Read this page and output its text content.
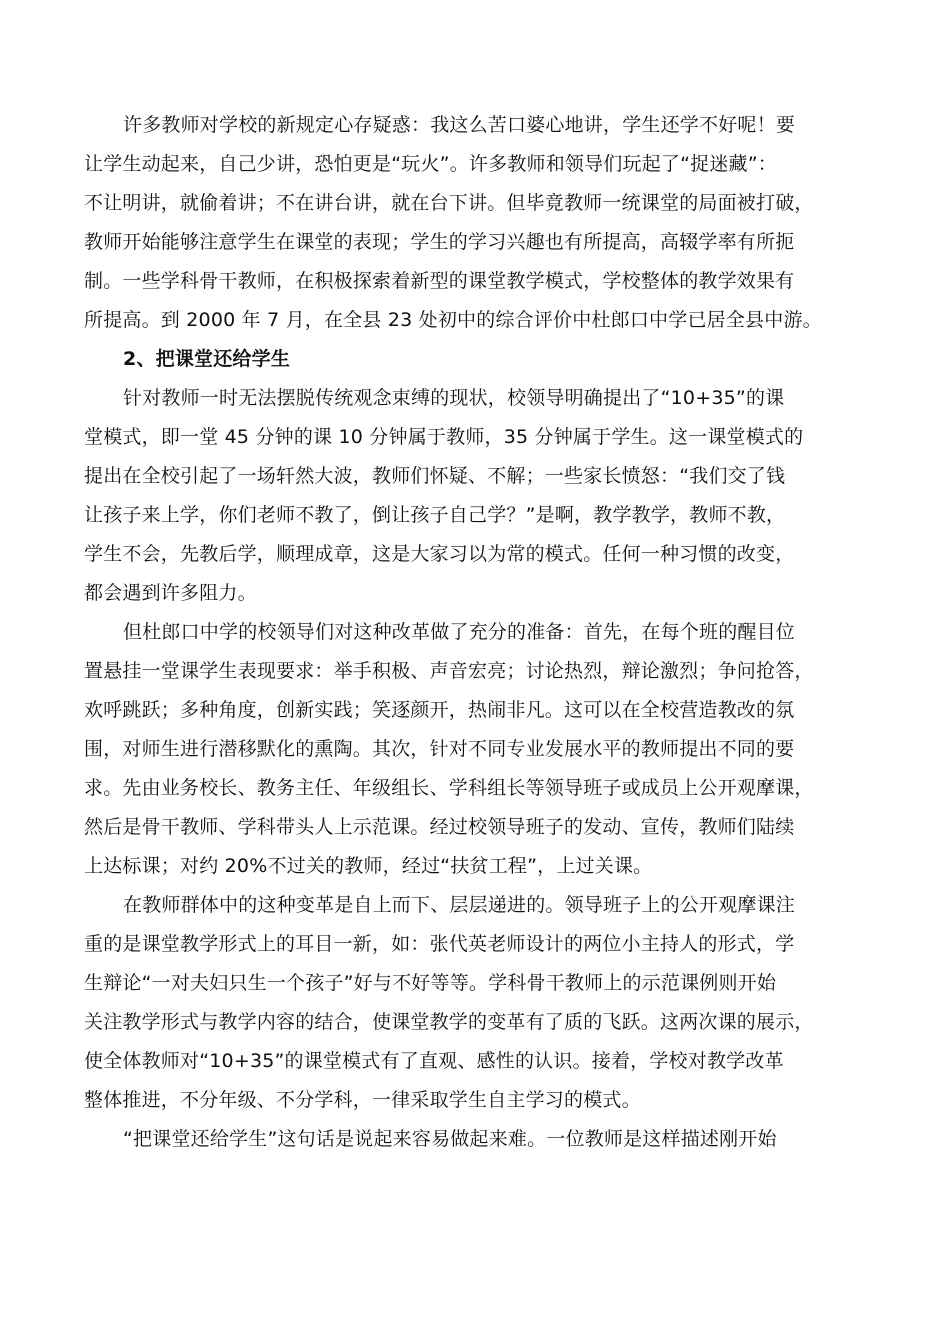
许多教师对学校的新规定心存疑惑：我这么苦口婆心地讲，学生还学不好呢！要
让学生动起来，自己少讲，恐怕更是“玩火”。许多教师和领导们玩起了“捉迷藏”：
不让明讲，就偷着讲；不在讲台讲，就在台下讲。但毕竟教师一统课堂的局面被打破，
教师开始能够注意学生在课堂的表现；学生的学习兴趣也有所提高，高辍学率有所扼
制。一些学科骨干教师，在积极探索着新型的课堂教学模式，学校整体的教学效果有
所提高。到 2000 年 7 月，在全县 23 处初中的综合评价中杜郎口中学已居全县中游。
2、把课堂还给学生
针对教师一时无法摆脱传统观念束缚的现状，校领导明确提出了“10+35”的课
堂模式，即一堂 45 分钟的课 10 分钟属于教师，35 分钟属于学生。这一课堂模式的
提出在全校引起了一场轩然大波，教师们怀疑、不解；一些家长愤怒：“我们交了钱
让孩子来上学，你们老师不教了，倒让孩子自己学？”是啊，教学教学，教师不教，
学生不会，先教后学，顺理成章，这是大家习以为常的模式。任何一种习惯的改变，
都会遇到许多阻力。
但杜郎口中学的校领导们对这种改革做了充分的准备：首先，在每个班的醒目位
置悬挂一堂课学生表现要求：举手积极、声音宏亮；讨论热烈，辩论激烈；争问抢答，
欢呼跳跃；多种角度，创新实践；笑逐颜开，热闹非凡。这可以在全校营造教改的氛
围，对师生进行潜移默化的熏陶。其次，针对不同专业发展水平的教师提出不同的要
求。先由业务校长、教务主任、年级组长、学科组长等领导班子或成员上公开观摩课，
然后是骨干教师、学科带头人上示范课。经过校领导班子的发动、宣传，教师们陆续
上达标课；对约 20%不过关的教师，经过“扶贫工程”，上过关课。
在教师群体中的这种变革是自上而下、层层递进的。领导班子上的公开观摩课注
重的是课堂教学形式上的耳目一新，如：张代英老师设计的两位小主持人的形式，学
生辩论“一对夫妇只生一个孩子”好与不好等等。学科骨干教师上的示范课例则开始
关注教学形式与教学内容的结合，使课堂教学的变革有了质的飞跃。这两次课的展示，
使全体教师对“10+35”的课堂模式有了直观、感性的认识。接着，学校对教学改革
整体推进，不分年级、不分学科，一律采取学生自主学习的模式。
“把课堂还给学生”这句话是说起来容易做起来难。一位教师是这样描述刚开始
